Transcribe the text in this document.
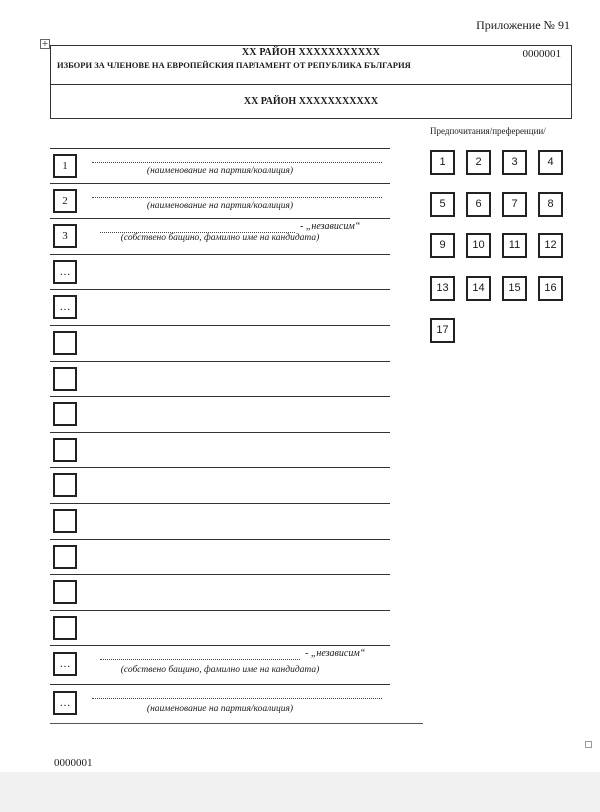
Приложение № 91
+
XX РАЙОН XXXXXXXXXXX
ИЗБОРИ ЗА ЧЛЕНОВЕ НА ЕВРОПЕЙСКИЯ ПАРЛАМЕНТ ОТ РЕПУБЛИКА БЪЛГАРИЯ
0000001
XX РАЙОН XXXXXXXXXXX
Предпочитания/преференции/
1	(наименование на партия/коалиция)
2	(наименование на партия/коалиция)
3
- „независим“
(собствено бащино, фамилно име на кандидата)
…
…
…
- „независим“
(собствено бащино, фамилно име на кандидата)
…	(наименование на партия/коалиция)
1	2	3	4
5	6	7	8
9	10	11	12
13	14	15	16
17
0000001
